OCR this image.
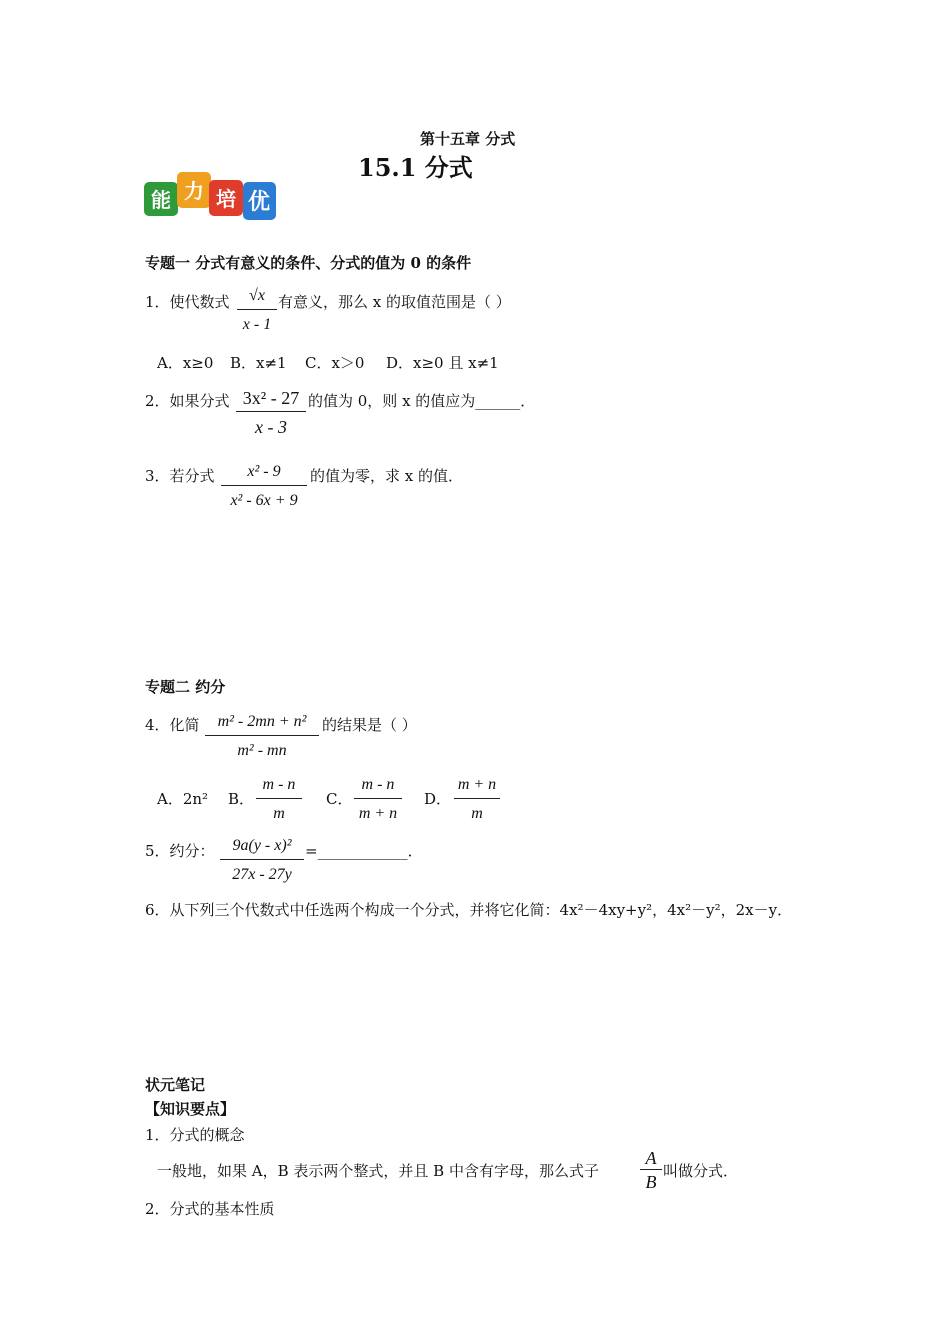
第十五章 分式
15.1 分式
能 力 培 优
专题一 分式有意义的条件、分式的值为 0 的条件
1．使代数式	√x
x - 1
有意义，那么 x 的取值范围是（ ）
A．x≥0 B．x≠1 C．x＞0 D．x≥0 且 x≠1
2．如果分式 3x² - 27
x - 3
的值为 0，则 x 的值应为______．
3．若分式	x² - 9
x² - 6x + 9
的值为零，求 x 的值．
专题二 约分
4．化简	m² - 2mn + n²
m² - mn
的结果是（ ）
A．2n² B．
m - n
m
C．
m - n
m + n
D．
m + n
m
5．约分：	9a(y - x)²
27x - 27y
=____________．
6．从下列三个代数式中任选两个构成一个分式，并将它化简：4x²－4xy+y²，4x²－y²，2x－y．
状元笔记
【知识要点】
1．分式的概念
一般地，如果 A，B 表示两个整式，并且 B 中含有字母，那么式子
A
B
叫做分式．
2．分式的基本性质
